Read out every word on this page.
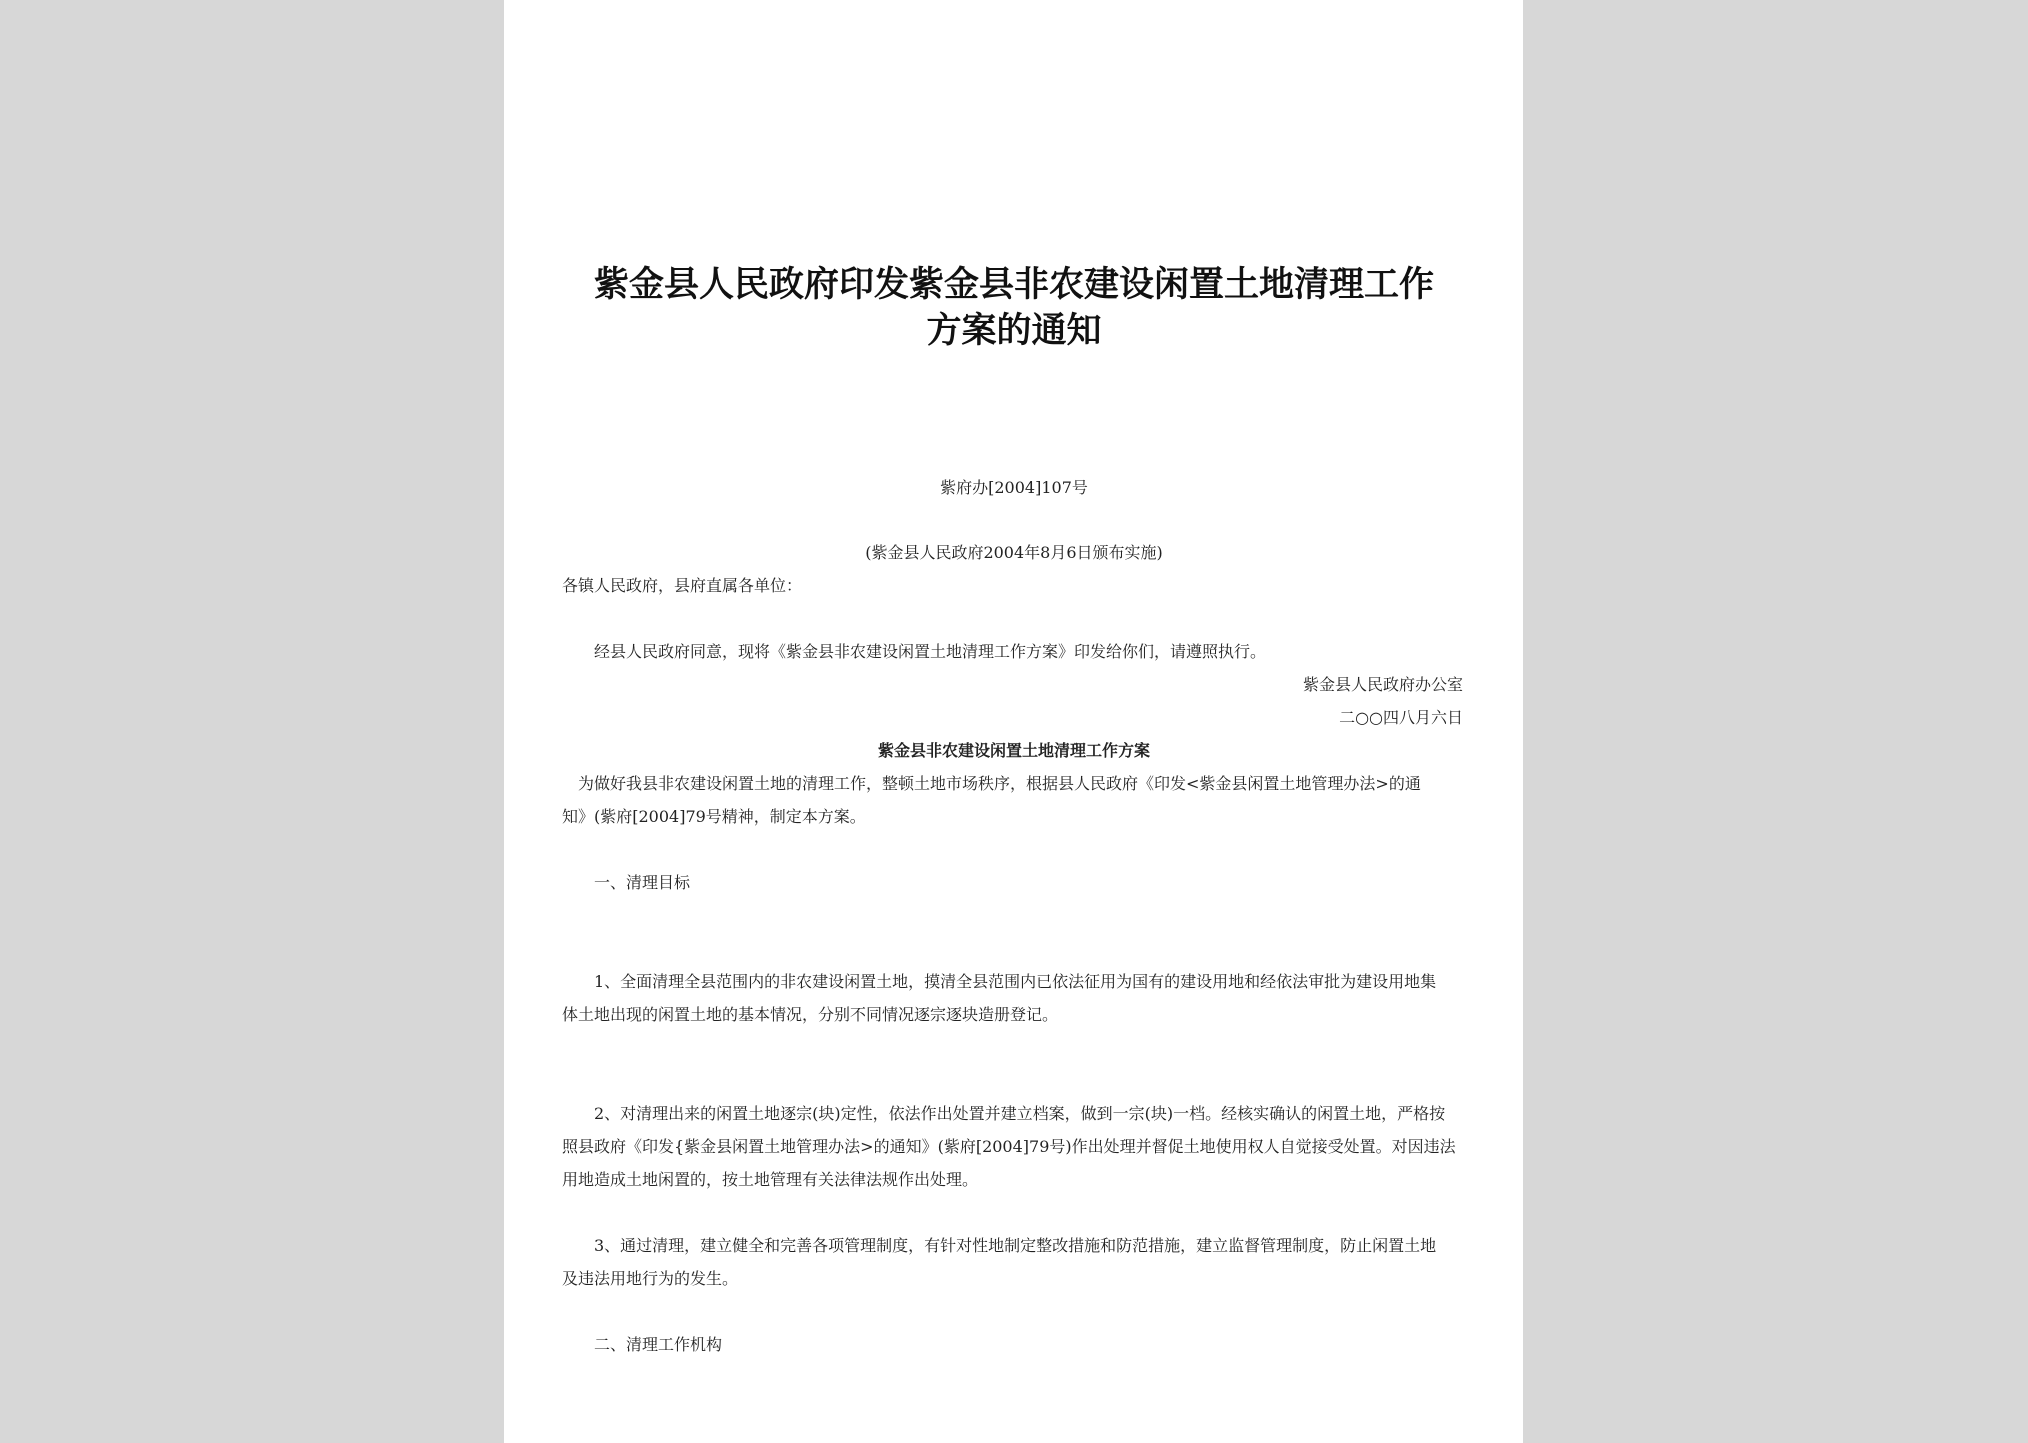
紫金县人民政府印发紫金县非农建设闲置土地清理工作
方案的通知
紫府办[2004]107号
(紫金县人民政府2004年8月6日颁布实施)
各镇人民政府，县府直属各单位：
经县人民政府同意，现将《紫金县非农建设闲置土地清理工作方案》印发给你们，请遵照执行。
紫金县人民政府办公室
二○○四八月六日
紫金县非农建设闲置土地清理工作方案
为做好我县非农建设闲置土地的清理工作，整顿土地市场秩序，根据县人民政府《印发<紫金县闲置土地管理办法>的通
知》(紫府[2004]79号精神，制定本方案。
一、清理目标
1、全面清理全县范围内的非农建设闲置土地，摸清全县范围内已依法征用为国有的建设用地和经依法审批为建设用地集
体土地出现的闲置土地的基本情况，分别不同情况逐宗逐块造册登记。
2、对清理出来的闲置土地逐宗(块)定性，依法作出处置并建立档案，做到一宗(块)一档。经核实确认的闲置土地，严格按
照县政府《印发{紫金县闲置土地管理办法>的通知》(紫府[2004]79号)作出处理并督促土地使用权人自觉接受处置。对因违法
用地造成土地闲置的，按土地管理有关法律法规作出处理。
3、通过清理，建立健全和完善各项管理制度，有针对性地制定整改措施和防范措施，建立监督管理制度，防止闲置土地
及违法用地行为的发生。
二、清理工作机构
